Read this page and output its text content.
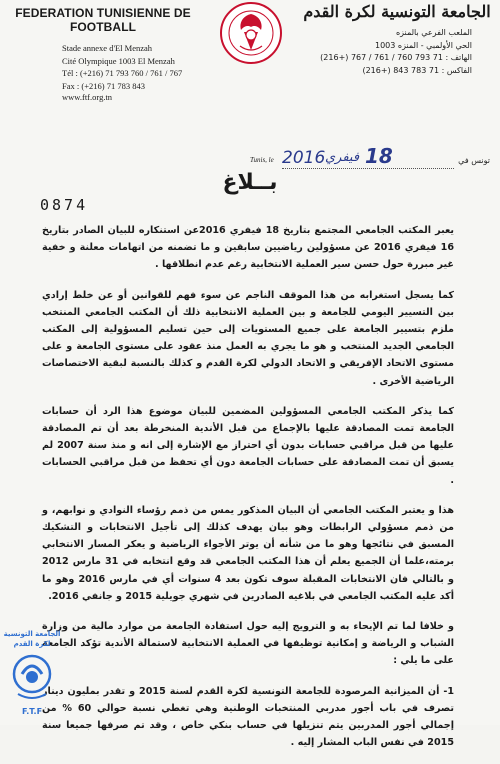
FEDERATION TUNISIENNE DE FOOTBALL
Stade annexe d'El Menzah
Cité Olympique 1003 El Menzah
Tél : (+216) 71 793 760 / 761 / 767
Fax : (+216) 71 783 843
www.ftf.org.tn
الجامعة التونسية لكرة القدم
الملعب الفرعي بالمنزه
الحي الأولمبي - المنزه 1003
الهاتف : 71 793 760 / 761 / 767 (+216)
الفاكس : 71 783 843 (+216)
Tunis, le 2016 فيفري 18	تونس في
بــلاغ
0874

يعبر المكتب الجامعي المجتمع بتاريخ 18 فيفري 2016عن استنكاره للبيان الصادر بتاريخ 16 فيفري 2016 عن مسؤولين رياضيين سابقين و ما تضمنه من اتهامات معلنة و خفية غير مبررة حول حسن سير العملية الانتخابية رغم عدم انطلاقها .

كما يسجل استغرابه من هذا الموقف الناجم عن سوء فهم للقوانين أو عن خلط إرادي بين التسيير اليومي للجامعة و بين العملية الانتخابية ذلك أن المكتب الجامعي المنتخب ملزم بتسيير الجامعة على جميع المستويات إلى حين تسليم المسؤولية إلى المكتب الجامعي الجديد المنتخب و هو ما يجري به العمل منذ عقود على مستوى الجامعة و على مستوى الاتحاد الإفريقي و الاتحاد الدولي لكرة القدم و كذلك بالنسبة لبقية الاختصاصات الرياضية الأخرى .

كما يذكر المكتب الجامعي المسؤولين المضمين للبيان موضوع هذا الرد أن حسابات الجامعة تمت المصادقة عليها بالإجماع من قبل الأندية المنخرطة بعد أن تم المصادقة عليها من قبل مراقبي حسابات بدون أي احتراز مع الإشارة إلى انه و منذ سنة 2007 لم يسبق أن تمت المصادقة على حسابات الجامعة دون أي تحفظ من قبل مراقبي الحسابات .

هذا و يعتبر المكتب الجامعي أن البيان المذكور يمس من ذمم رؤساء النوادي و نوابهم، و من ذمم مسؤولي الرابطات وهو بيان يهدف كذلك إلى تأجيل الانتخابات و التشكيك المسبق في نتائجها وهو ما من شأنه أن يوتر الأجواء الرياضية و يعكر المسار الانتخابي برمته،علما أن الجميع يعلم أن هذا المكتب الجامعي قد وقع انتخابه في 31 مارس 2012 و بالتالي فان الانتخابات المقبلة سوف تكون بعد 4 سنوات أي في مارس 2016 وهو ما أكد عليه المكتب الجامعي في بلاغيه الصادرين في شهري جويلية 2015 و جانفي 2016.

و خلافا لما تم الإيحاء به و الترويج إليه حول استفادة الجامعة من موارد مالية من وزارة الشباب و الرياضة و إمكانية توظيفها في العملية الانتخابية لاستمالة الأندية تؤكد الجامعة على ما يلي :

1- أن الميزانية المرصودة للجامعة التونسية لكرة القدم لسنة 2015 و تقدر بمليون دينار تصرف في باب أجور مدربي المنتخبات الوطنية وهي تغطي نسبة حوالي 60 % من إجمالي أجور المدربين يتم تنزيلها في حساب بنكي خاص ، وقد تم صرفها جميعا سنة 2015 في نفس الباب المشار إليه .

الجامعة التونسية
لكرة القدم
F.T.F
